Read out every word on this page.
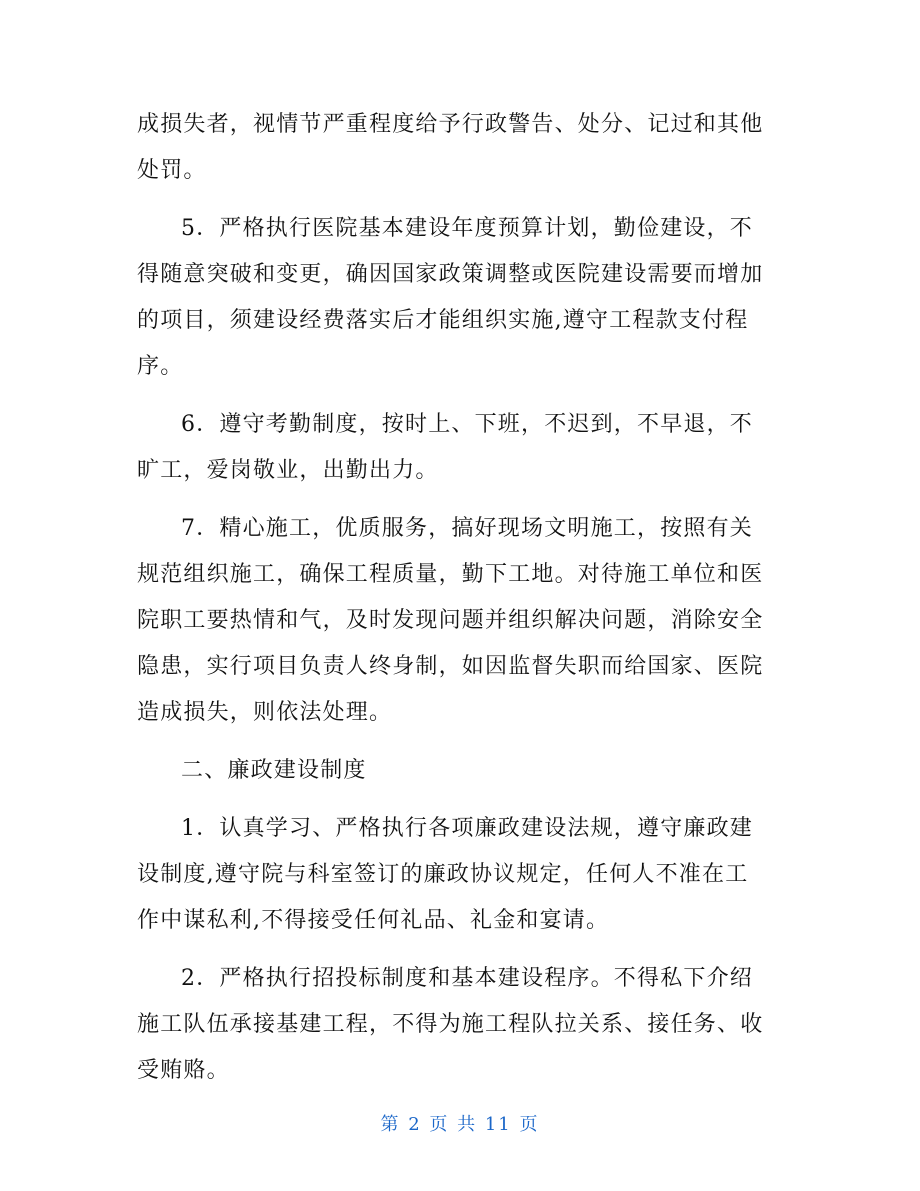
成损失者，视情节严重程度给予行政警告、处分、记过和其他
处罚。

5．严格执行医院基本建设年度预算计划，勤俭建设，不
得随意突破和变更，确因国家政策调整或医院建设需要而增加
的项目，须建设经费落实后才能组织实施,遵守工程款支付程
序。

6．遵守考勤制度，按时上、下班，不迟到，不早退，不
旷工，爱岗敬业，出勤出力。

7．精心施工，优质服务，搞好现场文明施工，按照有关
规范组织施工，确保工程质量，勤下工地。对待施工单位和医
院职工要热情和气，及时发现问题并组织解决问题，消除安全
隐患，实行项目负责人终身制，如因监督失职而给国家、医院
造成损失，则依法处理。

二、廉政建设制度

1．认真学习、严格执行各项廉政建设法规，遵守廉政建
设制度,遵守院与科室签订的廉政协议规定，任何人不准在工
作中谋私利,不得接受任何礼品、礼金和宴请。

2．严格执行招投标制度和基本建设程序。不得私下介绍
施工队伍承接基建工程，不得为施工程队拉关系、接任务、收
受贿赂。

第 2 页 共 11 页
